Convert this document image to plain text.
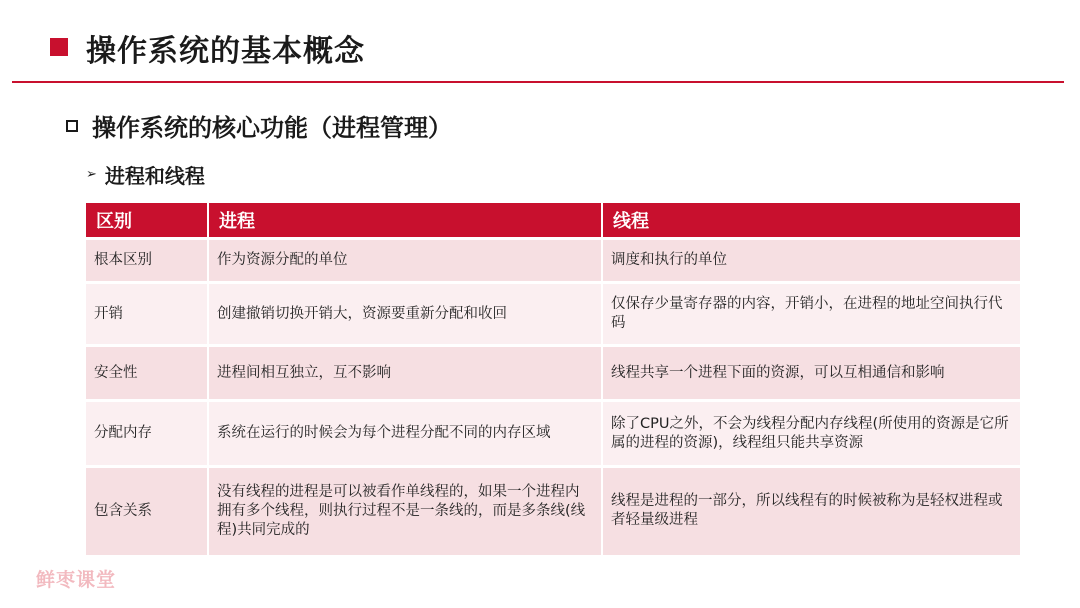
操作系统的基本概念
操作系统的核心功能（进程管理）
➢ 进程和线程
区别	进程	线程
根本区别	作为资源分配的单位	调度和执行的单位
开销	创建撤销切换开销大，资源要重新分配和收回	仅保存少量寄存器的内容，开销小，在进程的地址空间执行代码
安全性	进程间相互独立，互不影响	线程共享一个进程下面的资源，可以互相通信和影响
分配内存	系统在运行的时候会为每个进程分配不同的内存区域	除了CPU之外，不会为线程分配内存线程(所使用的资源是它所属的进程的资源)，线程组只能共享资源
包含关系	没有线程的进程是可以被看作单线程的，如果一个进程内拥有多个线程，则执行过程不是一条线的，而是多条线(线程)共同完成的	线程是进程的一部分，所以线程有的时候被称为是轻权进程或者轻量级进程
鲜枣课堂
